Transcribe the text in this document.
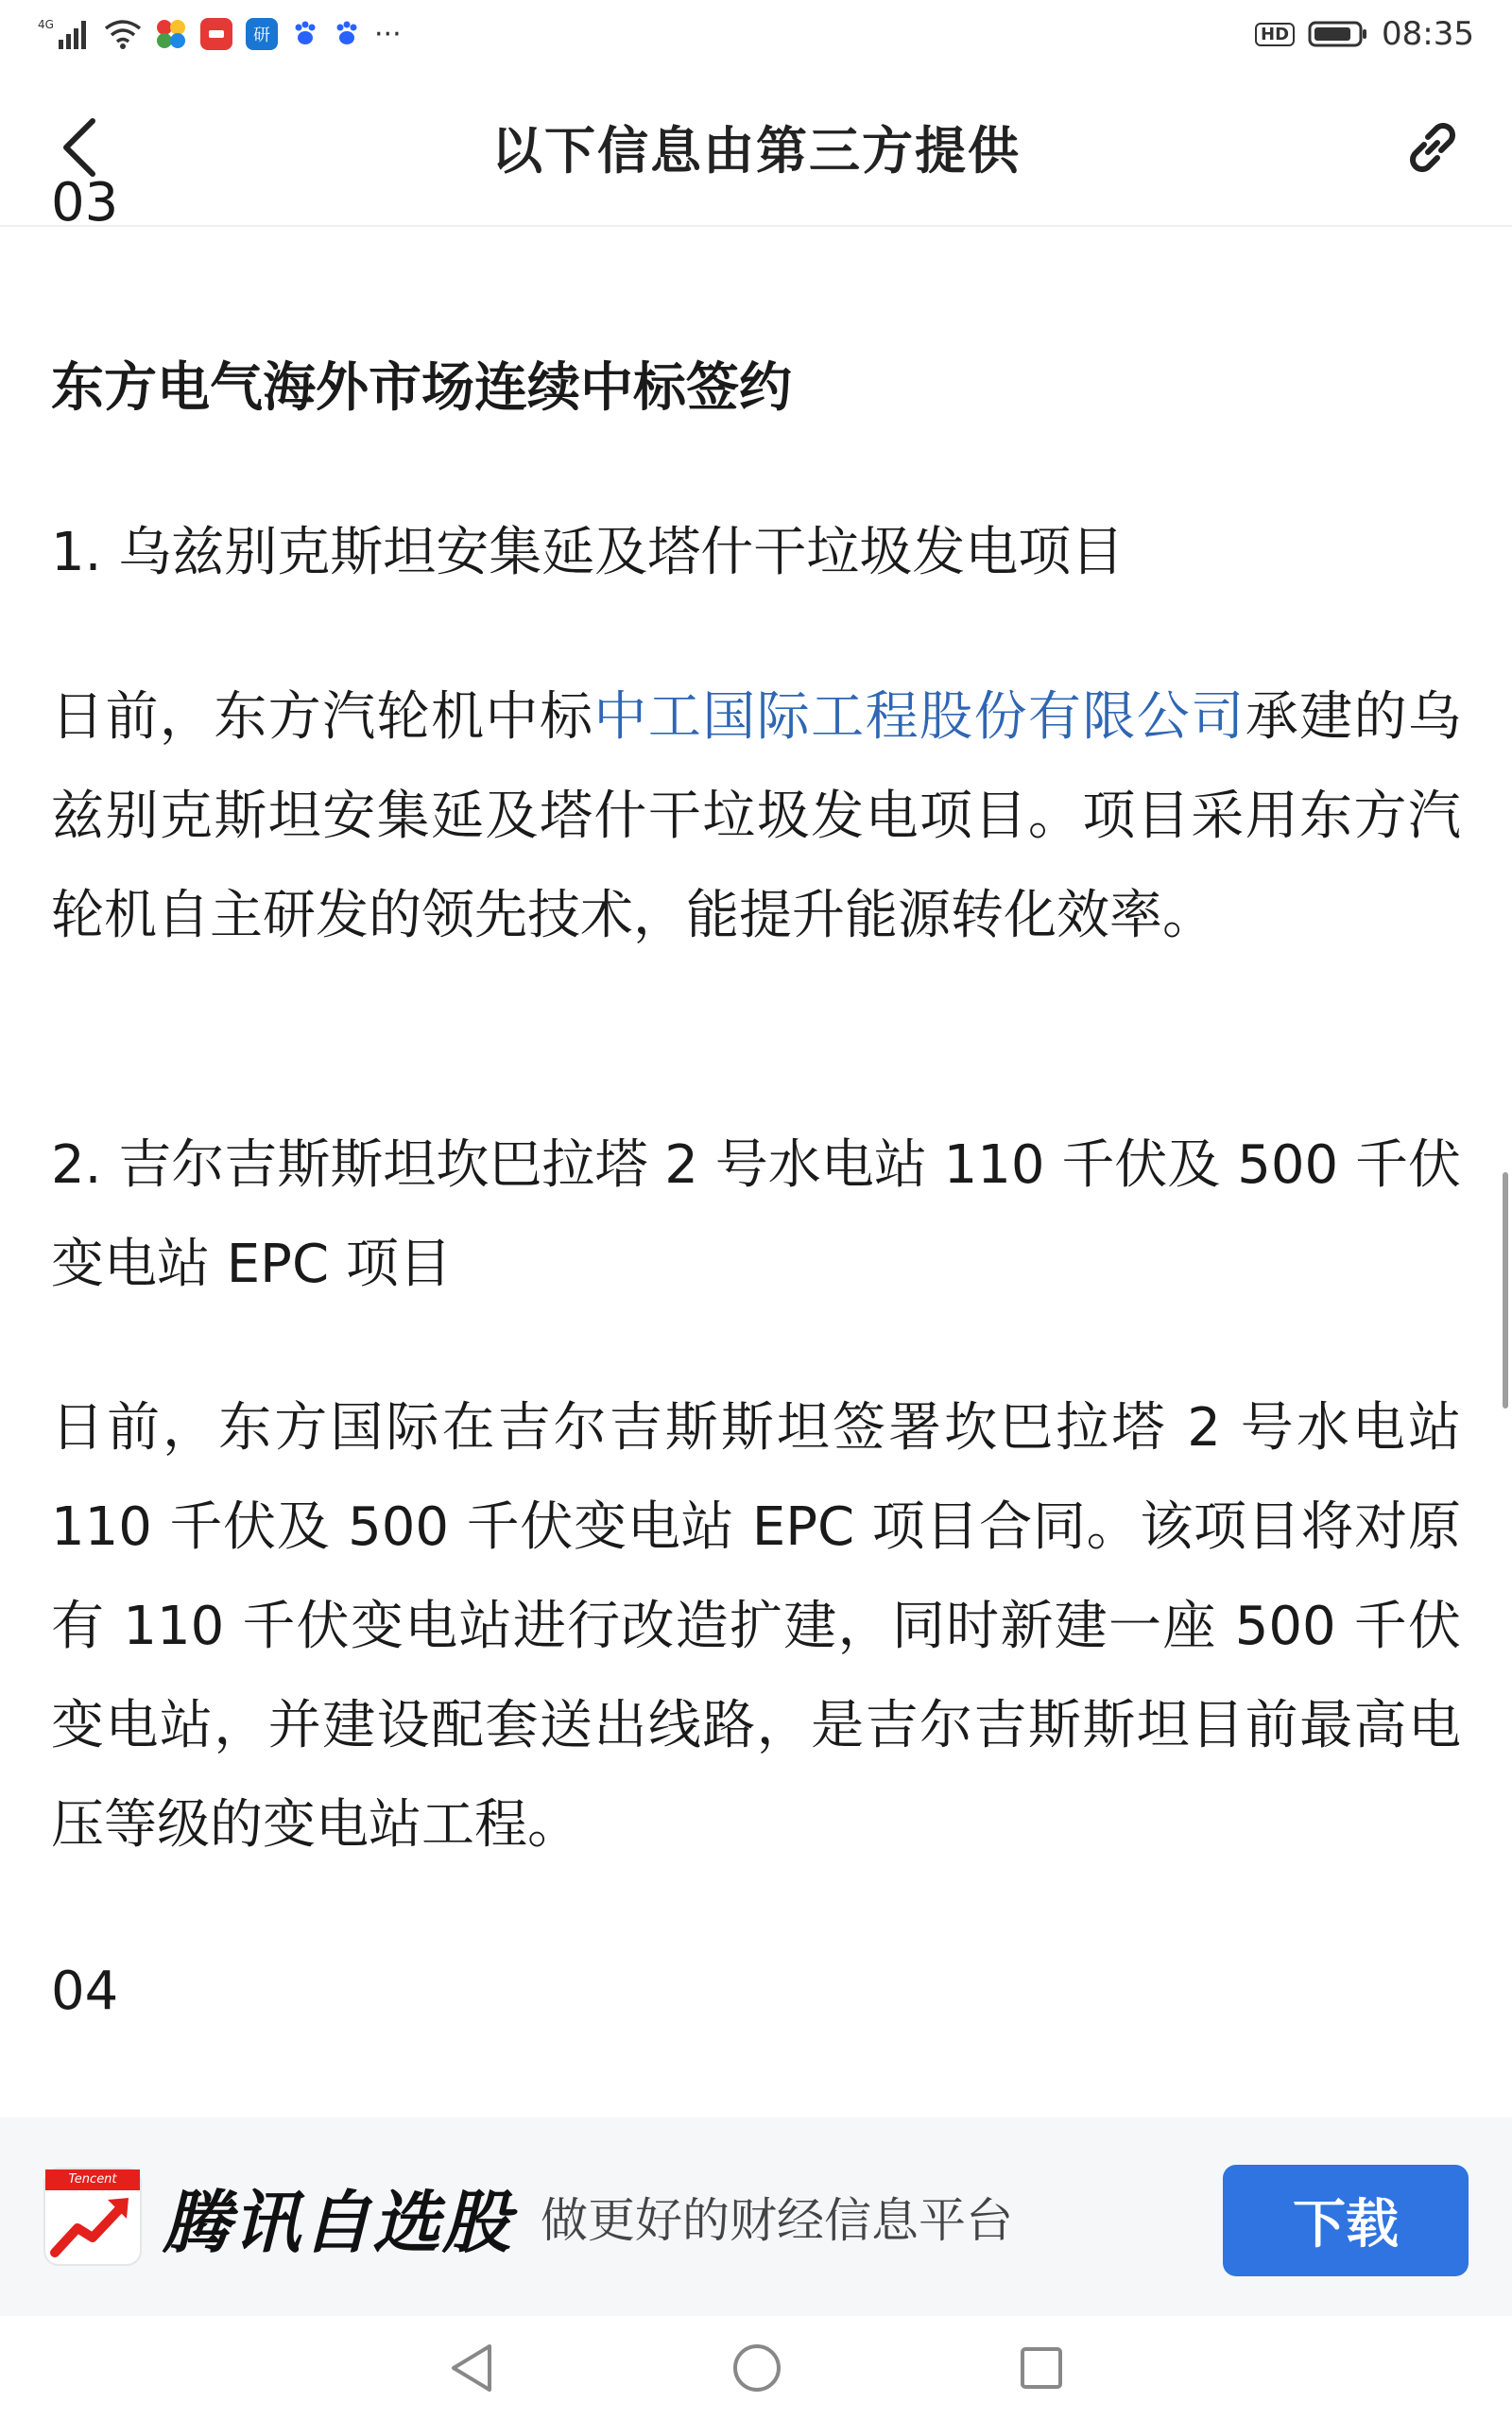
4G
研	···	HD	08:35
以下信息由第三方提供
03

东方电气海外市场连续中标签约

1. 乌兹别克斯坦安集延及塔什干垃圾发电项目

日前，东方汽轮机中标中工国际工程股份有限公司承建的乌兹别克斯坦安集延及塔什干垃圾发电项目。项目采用东方汽轮机自主研发的领先技术，能提升能源转化效率。

2. 吉尔吉斯斯坦坎巴拉塔 2 号水电站 110 千伏及 500 千伏变电站 EPC 项目

日前，东方国际在吉尔吉斯斯坦签署坎巴拉塔 2 号水电站 110 千伏及 500 千伏变电站 EPC 项目合同。该项目将对原有 110 千伏变电站进行改造扩建，同时新建一座 500 千伏变电站，并建设配套送出线路，是吉尔吉斯斯坦目前最高电压等级的变电站工程。

04

Tencent
腾讯自选股 做更好的财经信息平台	下载
